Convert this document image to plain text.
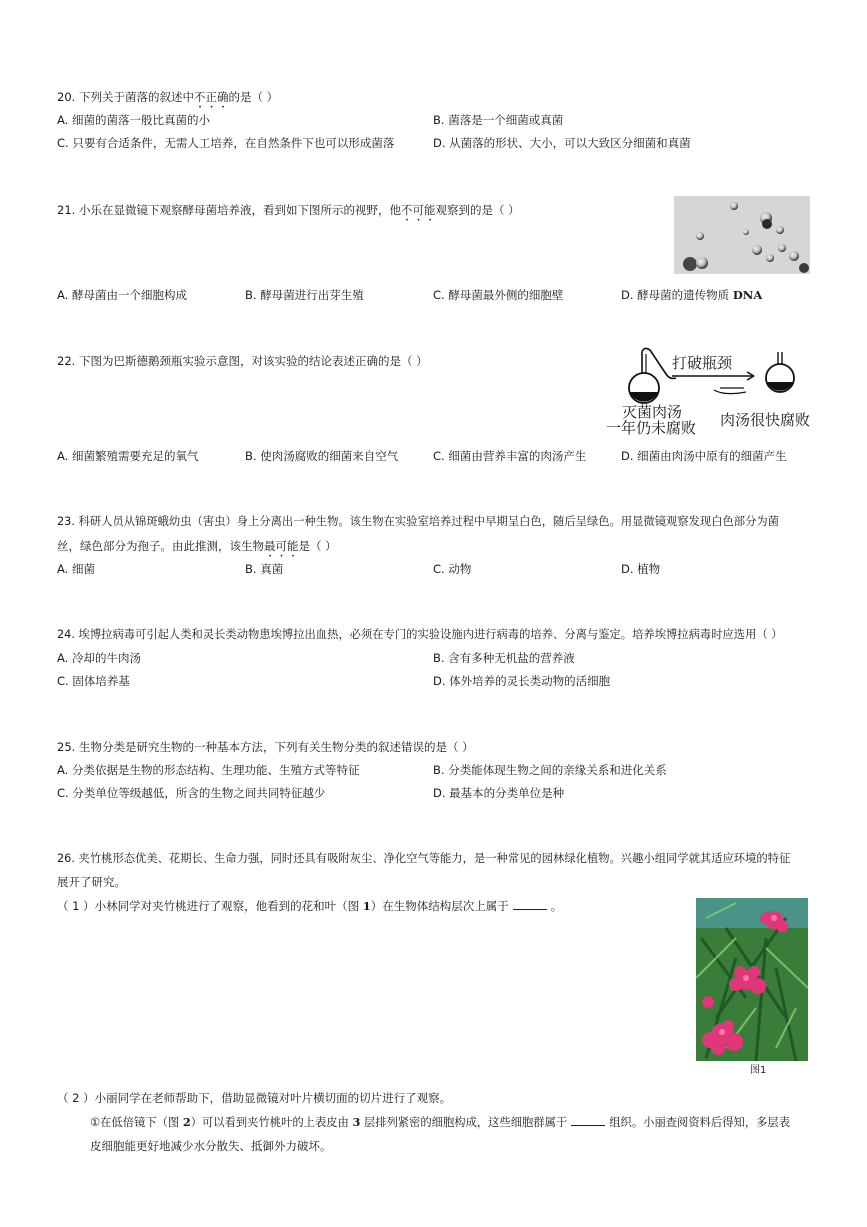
20. 下列关于菌落的叙述中不正确的是（ ）
A. 细菌的菌落一般比真菌的小	B. 菌落是一个细菌或真菌
C. 只要有合适条件，无需人工培养，在自然条件下也可以形成菌落	D. 从菌落的形状、大小，可以大致区分细菌和真菌
21. 小乐在显微镜下观察酵母菌培养液，看到如下图所示的视野，他不可能观察到的是（ ）
A. 酵母菌由一个细胞构成	B. 酵母菌进行出芽生殖	C. 酵母菌最外侧的细胞壁	D. 酵母菌的遗传物质 DNA
22. 下图为巴斯德鹅颈瓶实验示意图，对该实验的结论表述正确的是（ ）	打破瓶颈
灭菌肉汤
一年仍未腐败 肉汤很快腐败
A. 细菌繁殖需要充足的氧气	B. 使肉汤腐败的细菌来自空气	C. 细菌由营养丰富的肉汤产生	D. 细菌由肉汤中原有的细菌产生
23. 科研人员从锦斑蛾幼虫（害虫）身上分离出一种生物。该生物在实验室培养过程中早期呈白色，随后呈绿色。用显微镜观察发现白色部分为菌
丝，绿色部分为孢子。由此推测，该生物最可能是（ ）
A. 细菌	B. 真菌	C. 动物	D. 植物
24. 埃博拉病毒可引起人类和灵长类动物患埃博拉出血热，必须在专门的实验设施内进行病毒的培养、分离与鉴定。培养埃博拉病毒时应选用（ ）
A. 冷却的牛肉汤	B. 含有多种无机盐的营养液
C. 固体培养基	D. 体外培养的灵长类动物的活细胞
25. 生物分类是研究生物的一种基本方法，下列有关生物分类的叙述错误的是（ ）
A. 分类依据是生物的形态结构、生理功能、生殖方式等特征	B. 分类能体现生物之间的亲缘关系和进化关系
C. 分类单位等级越低，所含的生物之间共同特征越少	D. 最基本的分类单位是种
26. 夹竹桃形态优美、花期长、生命力强，同时还具有吸附灰尘、净化空气等能力，是一种常见的园林绿化植物。兴趣小组同学就其适应环境的特征
展开了研究。
（ 1 ）小林同学对夹竹桃进行了观察，他看到的花和叶（图 1）在生物体结构层次上属于	。
图1
（ 2 ）小丽同学在老师帮助下，借助显微镜对叶片横切面的切片进行了观察。
①在低倍镜下（图 2）可以看到夹竹桃叶的上表皮由 3 层排列紧密的细胞构成，这些细胞群属于	组织。小丽查阅资料后得知，多层表
皮细胞能更好地减少水分散失、抵御外力破坏。
